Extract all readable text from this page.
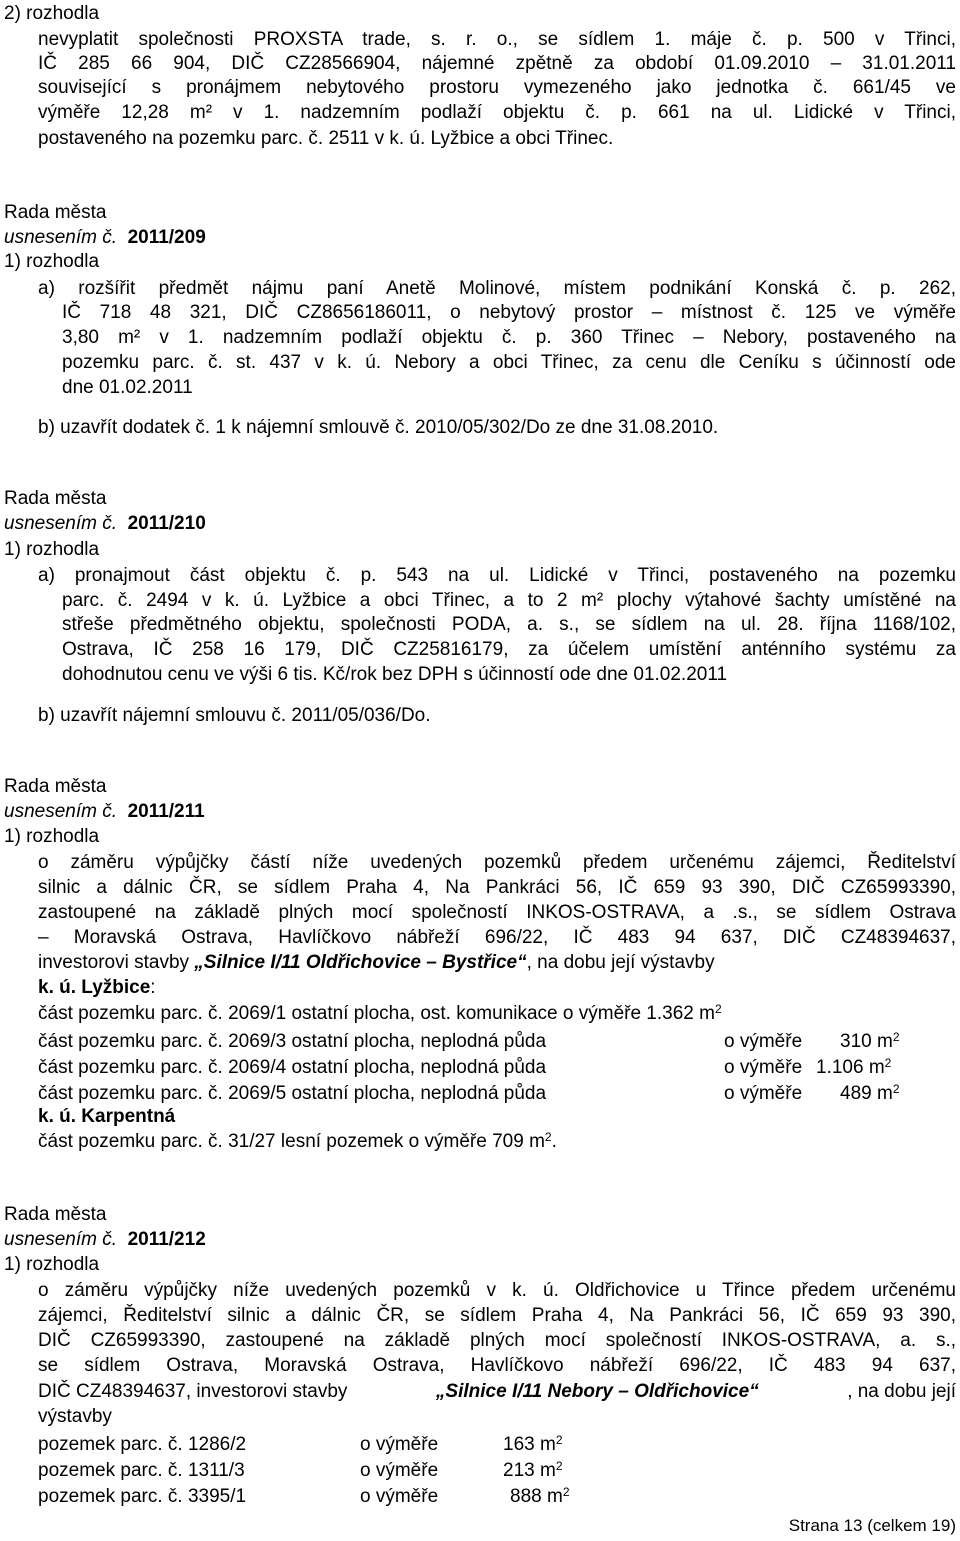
2) rozhodla
nevyplatit společnosti PROXSTA trade, s. r. o., se sídlem 1. máje č. p. 500 v Třinci,
IČ 285 66 904, DIČ CZ28566904, nájemné zpětně za období 01.09.2010 – 31.01.2011
související s pronájmem nebytového prostoru vymezeného jako jednotka č. 661/45 ve
výměře 12,28 m² v 1. nadzemním podlaží objektu č. p. 661 na ul. Lidické v Třinci,
postaveného na pozemku parc. č. 2511 v k. ú. Lyžbice a obci Třinec.
Rada města
usnesením č. 2011/209
1) rozhodla
a) rozšířit předmět nájmu paní Anetě Molinové, místem podnikání Konská č. p. 262,
IČ 718 48 321, DIČ CZ8656186011, o nebytový prostor – místnost č. 125 ve výměře
3,80 m² v 1. nadzemním podlaží objektu č. p. 360 Třinec – Nebory, postaveného na
pozemku parc. č. st. 437 v k. ú. Nebory a obci Třinec, za cenu dle Ceníku s účinností ode
dne 01.02.2011
b) uzavřít dodatek č. 1 k nájemní smlouvě č. 2010/05/302/Do ze dne 31.08.2010.
Rada města
usnesením č. 2011/210
1) rozhodla
a) pronajmout část objektu č. p. 543 na ul. Lidické v Třinci, postaveného na pozemku
parc. č. 2494 v k. ú. Lyžbice a obci Třinec, a to 2 m² plochy výtahové šachty umístěné na
střeše předmětného objektu, společnosti PODA, a. s., se sídlem na ul. 28. října 1168/102,
Ostrava, IČ 258 16 179, DIČ CZ25816179, za účelem umístění anténního systému za
dohodnutou cenu ve výši 6 tis. Kč/rok bez DPH s účinností ode dne 01.02.2011
b) uzavřít nájemní smlouvu č. 2011/05/036/Do.
Rada města
usnesením č. 2011/211
1) rozhodla
o záměru výpůjčky částí níže uvedených pozemků předem určenému zájemci, Ředitelství
silnic a dálnic ČR, se sídlem Praha 4, Na Pankráci 56, IČ 659 93 390, DIČ CZ65993390,
zastoupené na základě plných mocí společností INKOS-OSTRAVA, a .s., se sídlem Ostrava
– Moravská Ostrava, Havlíčkovo nábřeží 696/22, IČ 483 94 637, DIČ CZ48394637,
investorovi stavby „Silnice I/11 Oldřichovice – Bystřice“, na dobu její výstavby
k. ú. Lyžbice:
část pozemku parc. č. 2069/1 ostatní plocha, ost. komunikace o výměře 1.362 $m^2$
část pozemku parc. č. 2069/3 ostatní plocha, neplodná půda	o výměře 310 $m^2$
část pozemku parc. č. 2069/4 ostatní plocha, neplodná půda	o výměře 1.106 $m^2$
část pozemku parc. č. 2069/5 ostatní plocha, neplodná půda	o výměře 489 $m^2$
k. ú. Karpentná
část pozemku parc. č. 31/27 lesní pozemek o výměře 709 $m^2$.
Rada města
usnesením č. 2011/212
1) rozhodla
o záměru výpůjčky níže uvedených pozemků v k. ú. Oldřichovice u Třince předem určenému
zájemci, Ředitelství silnic a dálnic ČR, se sídlem Praha 4, Na Pankráci 56, IČ 659 93 390,
DIČ CZ65993390, zastoupené na základě plných mocí společností INKOS-OSTRAVA, a. s.,
se sídlem Ostrava, Moravská Ostrava, Havlíčkovo nábřeží 696/22, IČ 483 94 637,
DIČ CZ48394637, investorovi stavby	„Silnice I/11 Nebory – Oldřichovice“	, na dobu její
výstavby
pozemek parc. č. 1286/2	o výměře	163 $m^2$
pozemek parc. č. 1311/3	o výměře	213 $m^2$
pozemek parc. č. 3395/1	o výměře	888 $m^2$
Strana 13 (celkem 19)
